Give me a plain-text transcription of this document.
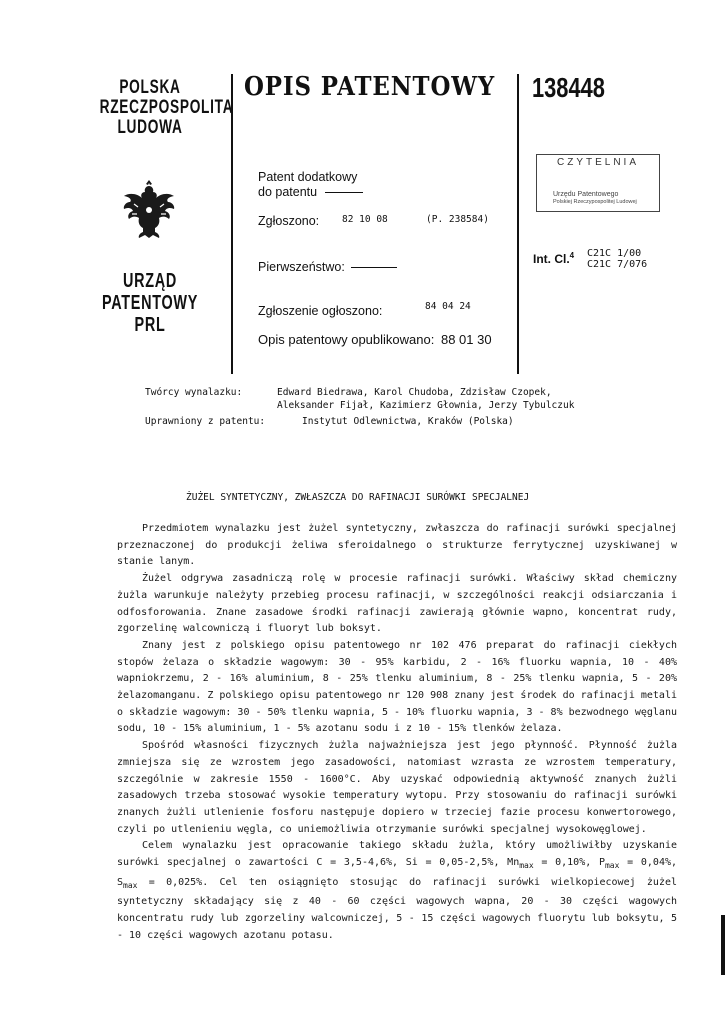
POLSKA
RZECZPOSPOLITA
LUDOWA
URZĄD
PATENTOWY
PRL
OPIS PATENTOWY 138448
Patent dodatkowy
do patentu
Zgłoszono: 82 10 08	(P. 238584)
Pierwszeństwo:
Zgłoszenie ogłoszono:	84 04 24
Opis patentowy opublikowano: 88 01 30
CZYTELNIA
Urzędu Patentowego
Polskiej Rzeczypospolitej Ludowej
Int. Cl.$^4$ C21C 1/00
C21C 7/076
Twórcy wynalazku:	Edward Biedrawa, Karol Chudoba, Zdzisław Czopek,
Aleksander Fijał, Kazimierz Głownia, Jerzy Tybulczuk
Uprawniony z patentu:	Instytut Odlewnictwa, Kraków (Polska)
ŻUŻEL SYNTETYCZNY, ZWŁASZCZA DO RAFINACJI SURÓWKI SPECJALNEJ

Przedmiotem wynalazku jest żużel syntetyczny, zwłaszcza do rafinacji surówki specjalnej przeznaczonej do produkcji żeliwa sferoidalnego o strukturze ferrytycznej uzyskiwanej w stanie lanym.

Żużel odgrywa zasadniczą rolę w procesie rafinacji surówki. Właściwy skład chemiczny żużla warunkuje należyty przebieg procesu rafinacji, w szczególności reakcji odsiarczania i odfosforowania. Znane zasadowe środki rafinacji zawierają głównie wapno, koncentrat rudy, zgorzelinę walcowniczą i fluoryt lub boksyt.

Znany jest z polskiego opisu patentowego nr 102 476 preparat do rafinacji ciekłych stopów żelaza o składzie wagowym: 30 - 95% karbidu, 2 - 16% fluorku wapnia, 10 - 40% wapniokrzemu, 2 - 16% aluminium, 8 - 25% tlenku aluminium, 8 - 25% tlenku wapnia, 5 - 20% żelazomanganu. Z polskiego opisu patentowego nr 120 908 znany jest środek do rafinacji metali o składzie wagowym: 30 - 50% tlenku wapnia, 5 - 10% fluorku wapnia, 3 - 8% bezwodnego węglanu sodu, 10 - 15% aluminium, 1 - 5% azotanu sodu i z 10 - 15% tlenków żelaza.

Spośród własności fizycznych żużla najważniejsza jest jego płynność. Płynność żużla zmniejsza się ze wzrostem jego zasadowości, natomiast wzrasta ze wzrostem temperatury, szczególnie w zakresie 1550 - 1600°C. Aby uzyskać odpowiednią aktywność znanych żużli zasadowych trzeba stosować wysokie temperatury wytopu. Przy stosowaniu do rafinacji surówki znanych żużli utlenienie fosforu następuje dopiero w trzeciej fazie procesu konwertorowego, czyli po utlenieniu węgla, co uniemożliwia otrzymanie surówki specjalnej wysokowęglowej.

Celem wynalazku jest opracowanie takiego składu żużla, który umożliwiłby uzyskanie surówki specjalnej o zawartości C = 3,5-4,6%, Si = 0,05-2,5%, $Mn_{max} = 0,10\%$, $P_{max} = 0,04\%$, $S_{max} = 0,025\%$. Cel ten osiągnięto stosując do rafinacji surówki wielkopiecowej żużel syntetyczny składający się z 40 - 60 części wagowych wapna, 20 - 30 części wagowych koncentratu rudy lub zgorzeliny walcowniczej, 5 - 15 części wagowych fluorytu lub boksytu, 5 - 10 części wagowych azotanu potasu.
